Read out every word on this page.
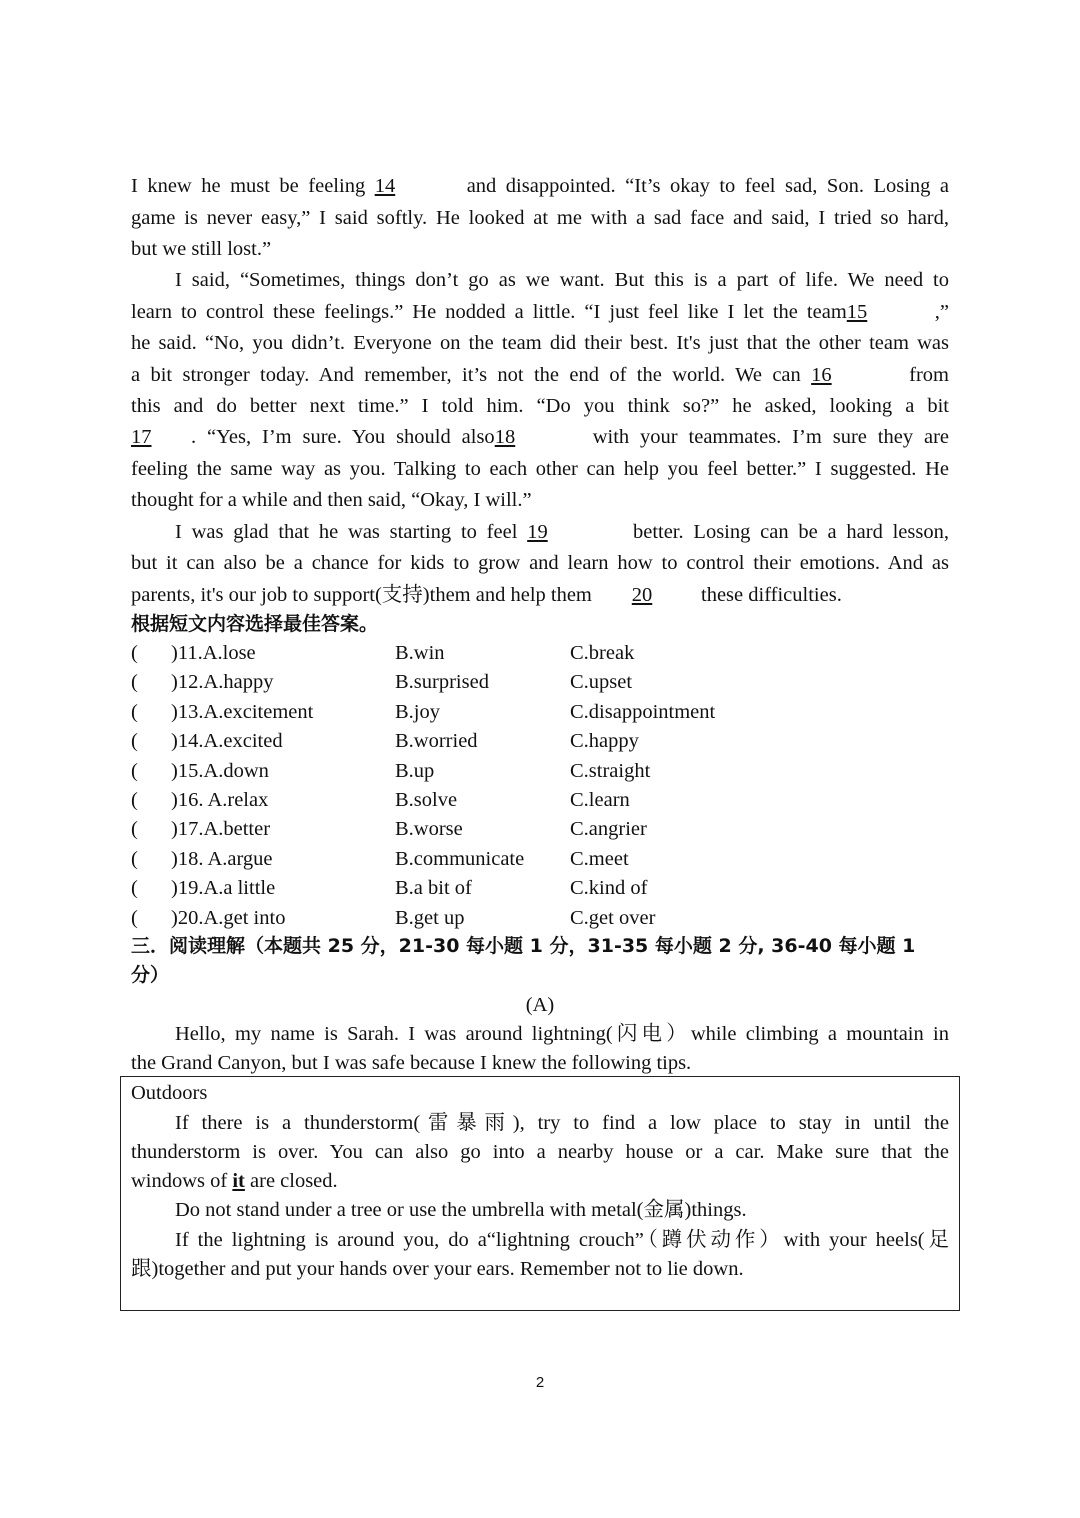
I knew he must be feeling 14	and disappointed. “It’s okay to feel sad, Son. Losing a
game is never easy,” I said softly. He looked at me with a sad face and said, I tried so hard,
but we still lost.”
I said, “Sometimes, things don’t go as we want. But this is a part of life. We need to
learn to control these feelings.” He nodded a little. “I just feel like I let the team15	,”
he said. “No, you didn’t. Everyone on the team did their best. It's just that the other team was
a bit stronger today. And remember, it’s not the end of the world. We can 16	from
this and do better next time.” I told him. “Do you think so?” he asked, looking a bit
17 . “Yes, I’m sure. You should also18	with your teammates. I’m sure they are
feeling the same way as you. Talking to each other can help you feel better.” I suggested. He
thought for a while and then said, “Okay, I will.”
I was glad that he was starting to feel 19	better. Losing can be a hard lesson,
but it can also be a chance for kids to grow and learn how to control their emotions. And as
parents, it's our job to support(支持)them and help them 20 these difficulties.
根据短文内容选择最佳答案。
( )11.A.lose	B.win	C.break
( )12.A.happy	B.surprised	C.upset
( )13.A.excitement	B.joy	C.disappointment
( )14.A.excited	B.worried	C.happy
( )15.A.down	B.up	C.straight
( )16. A.relax	B.solve	C.learn
( )17.A.better	B.worse	C.angrier
( )18. A.argue	B.communicate C.meet
( )19.A.a little	B.a bit of	C.kind of
( )20.A.get into	B.get up	C.get over
三．阅读理解（本题共 25 分，21-30 每小题 1 分，31-35 每小题 2 分, 36-40 每小题 1
分）
(A)
Hello, my name is Sarah. I was around lightning(闪电）while climbing a mountain in
the Grand Canyon, but I was safe because I knew the following tips.
Outdoors
If there is a thunderstorm(雷暴雨), try to find a low place to stay in until the
thunderstorm is over. You can also go into a nearby house or a car. Make sure that the
windows of it are closed.
Do not stand under a tree or use the umbrella with metal(金属)things.
If the lightning is around you, do a“lightning crouch”（蹲伏动作）with your heels(足
跟)together and put your hands over your ears. Remember not to lie down.
2
